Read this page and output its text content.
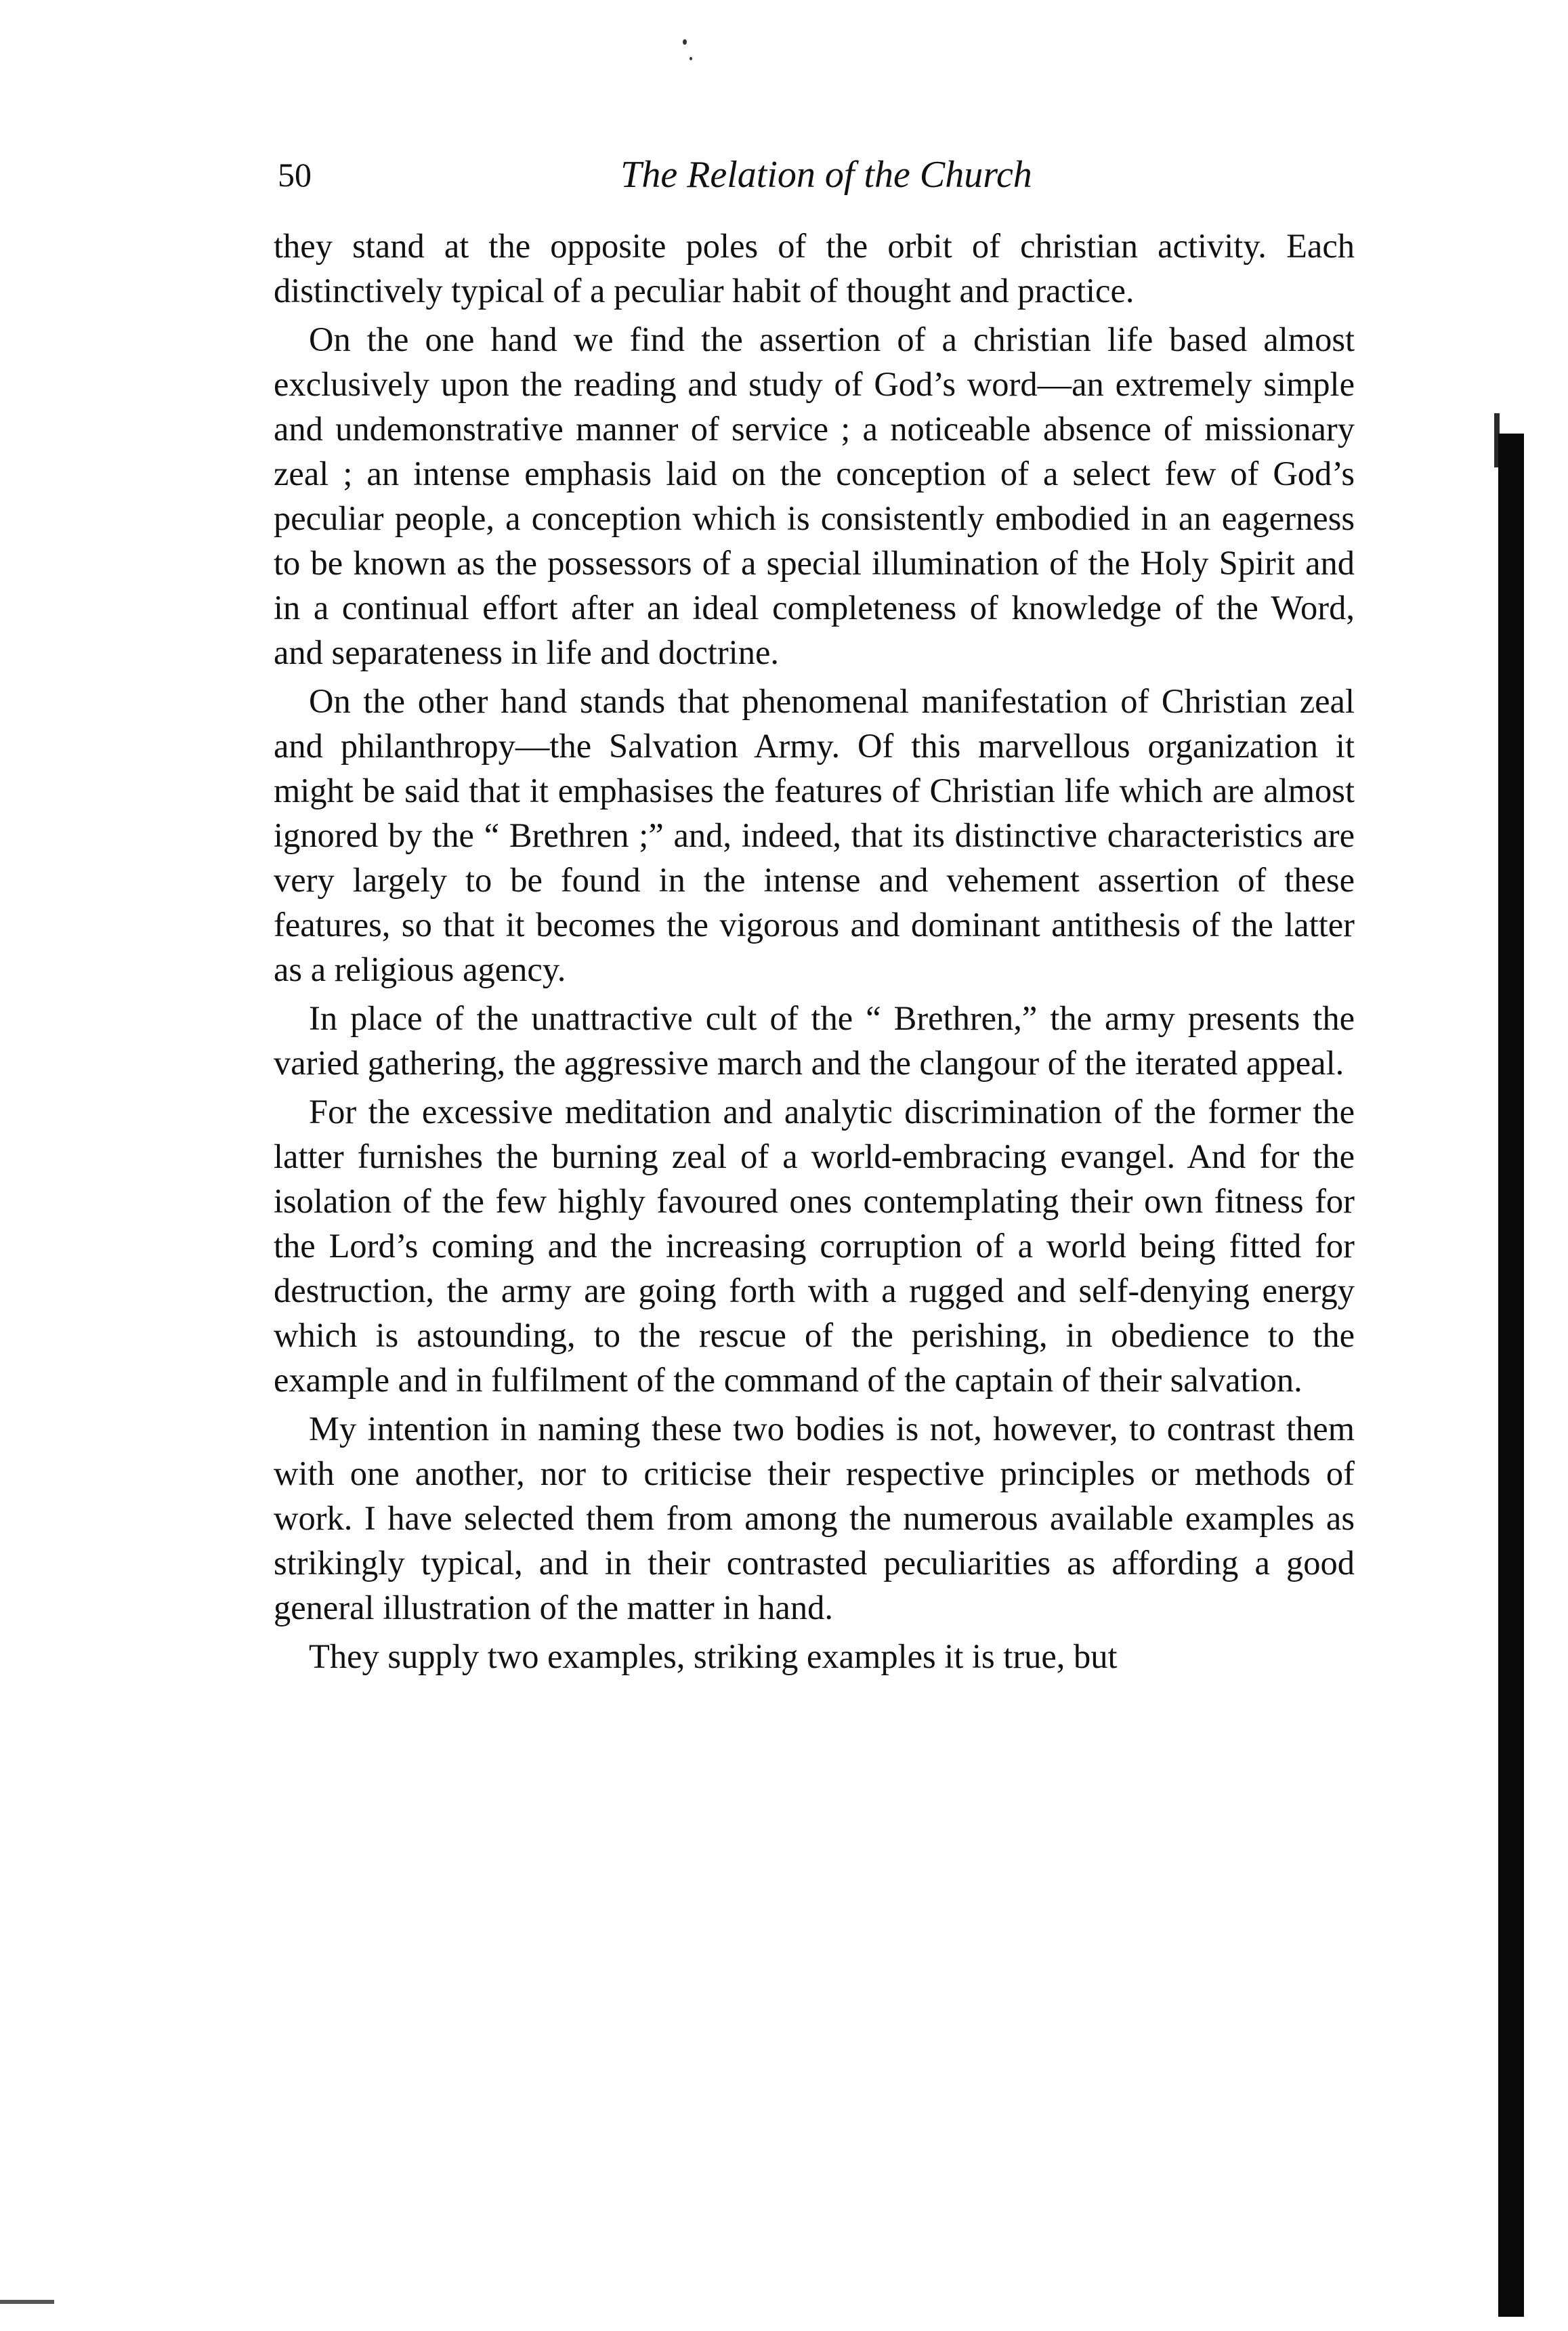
50	The Relation of the Church

they stand at the opposite poles of the orbit of christian activity. Each distinctively typical of a peculiar habit of thought and practice.

On the one hand we find the assertion of a christian life based almost exclusively upon the reading and study of God’s word—an extremely simple and undemonstrative manner of service ; a noticeable absence of missionary zeal ; an intense emphasis laid on the conception of a select few of God’s peculiar people, a conception which is consistently embodied in an eagerness to be known as the possessors of a special illumination of the Holy Spirit and in a continual effort after an ideal completeness of knowledge of the Word, and separateness in life and doctrine.

On the other hand stands that phenomenal manifestation of Christian zeal and philanthropy—the Salvation Army. Of this marvellous organization it might be said that it emphasises the features of Christian life which are almost ignored by the “ Brethren ;” and, indeed, that its distinctive characteristics are very largely to be found in the intense and vehement assertion of these features, so that it becomes the vigorous and dominant antithesis of the latter as a religious agency.

In place of the unattractive cult of the “ Brethren,” the army presents the varied gathering, the aggressive march and the clangour of the iterated appeal.

For the excessive meditation and analytic discrimination of the former the latter furnishes the burning zeal of a world-embracing evangel. And for the isolation of the few highly favoured ones contemplating their own fitness for the Lord’s coming and the increasing corruption of a world being fitted for destruction, the army are going forth with a rugged and self-denying energy which is astounding, to the rescue of the perishing, in obedience to the example and in fulfilment of the command of the captain of their salvation.

My intention in naming these two bodies is not, however, to contrast them with one another, nor to criticise their respective principles or methods of work. I have selected them from among the numerous available examples as strikingly typical, and in their contrasted peculiarities as affording a good general illustration of the matter in hand.

They supply two examples, striking examples it is true, but
